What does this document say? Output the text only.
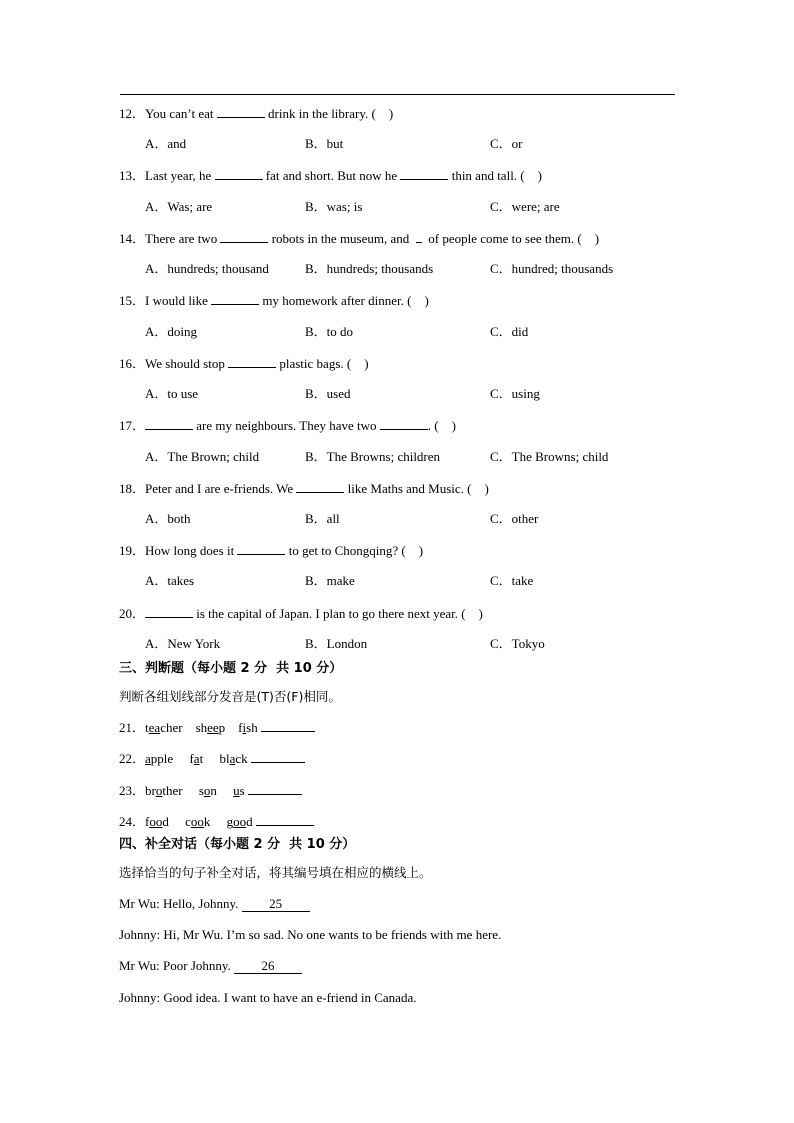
12．You can’t eat	drink in the library. (    )
A．and	B．but	C．or
13．Last year, he	fat and short. But now he	thin and tall. (    )
A．Was; are	B．was; is	C．were; are
14．There are two	robots in the museum, and    of people come to see them. (    )
A．hundreds; thousand	B．hundreds; thousands	C．hundred; thousands
15．I would like	my homework after dinner. (    )
A．doing	B．to do	C．did
16．We should stop	plastic bags. (    )
A．to use	B．used	C．using
17．	are my neighbours. They have two	. (    )
A．The Brown; child	B．The Browns; children	C．The Browns; child
18．Peter and I are e-friends. We	like Maths and Music. (    )
A．both	B．all	C．other
19．How long does it	to get to Chongqing? (    )
A．takes	B．make	C．take
20．	is the capital of Japan. I plan to go there next year. (    )
A．New York	B．London	C．Tokyo
三、判断题（每小题 2 分  共 10 分）
判断各组划线部分发音是(T)否(F)相同。
21．teacher sheep fish
22．apple fat black
23．brother son us
24．food cook good
四、补全对话（每小题 2 分  共 10 分）
选择恰当的句子补全对话，将其编号填在相应的横线上。
Mr Wu: Hello, Johnny. 25
Johnny: Hi, Mr Wu. I’m so sad. No one wants to be friends with me here.
Mr Wu: Poor Johnny. 26
Johnny: Good idea. I want to have an e-friend in Canada.
